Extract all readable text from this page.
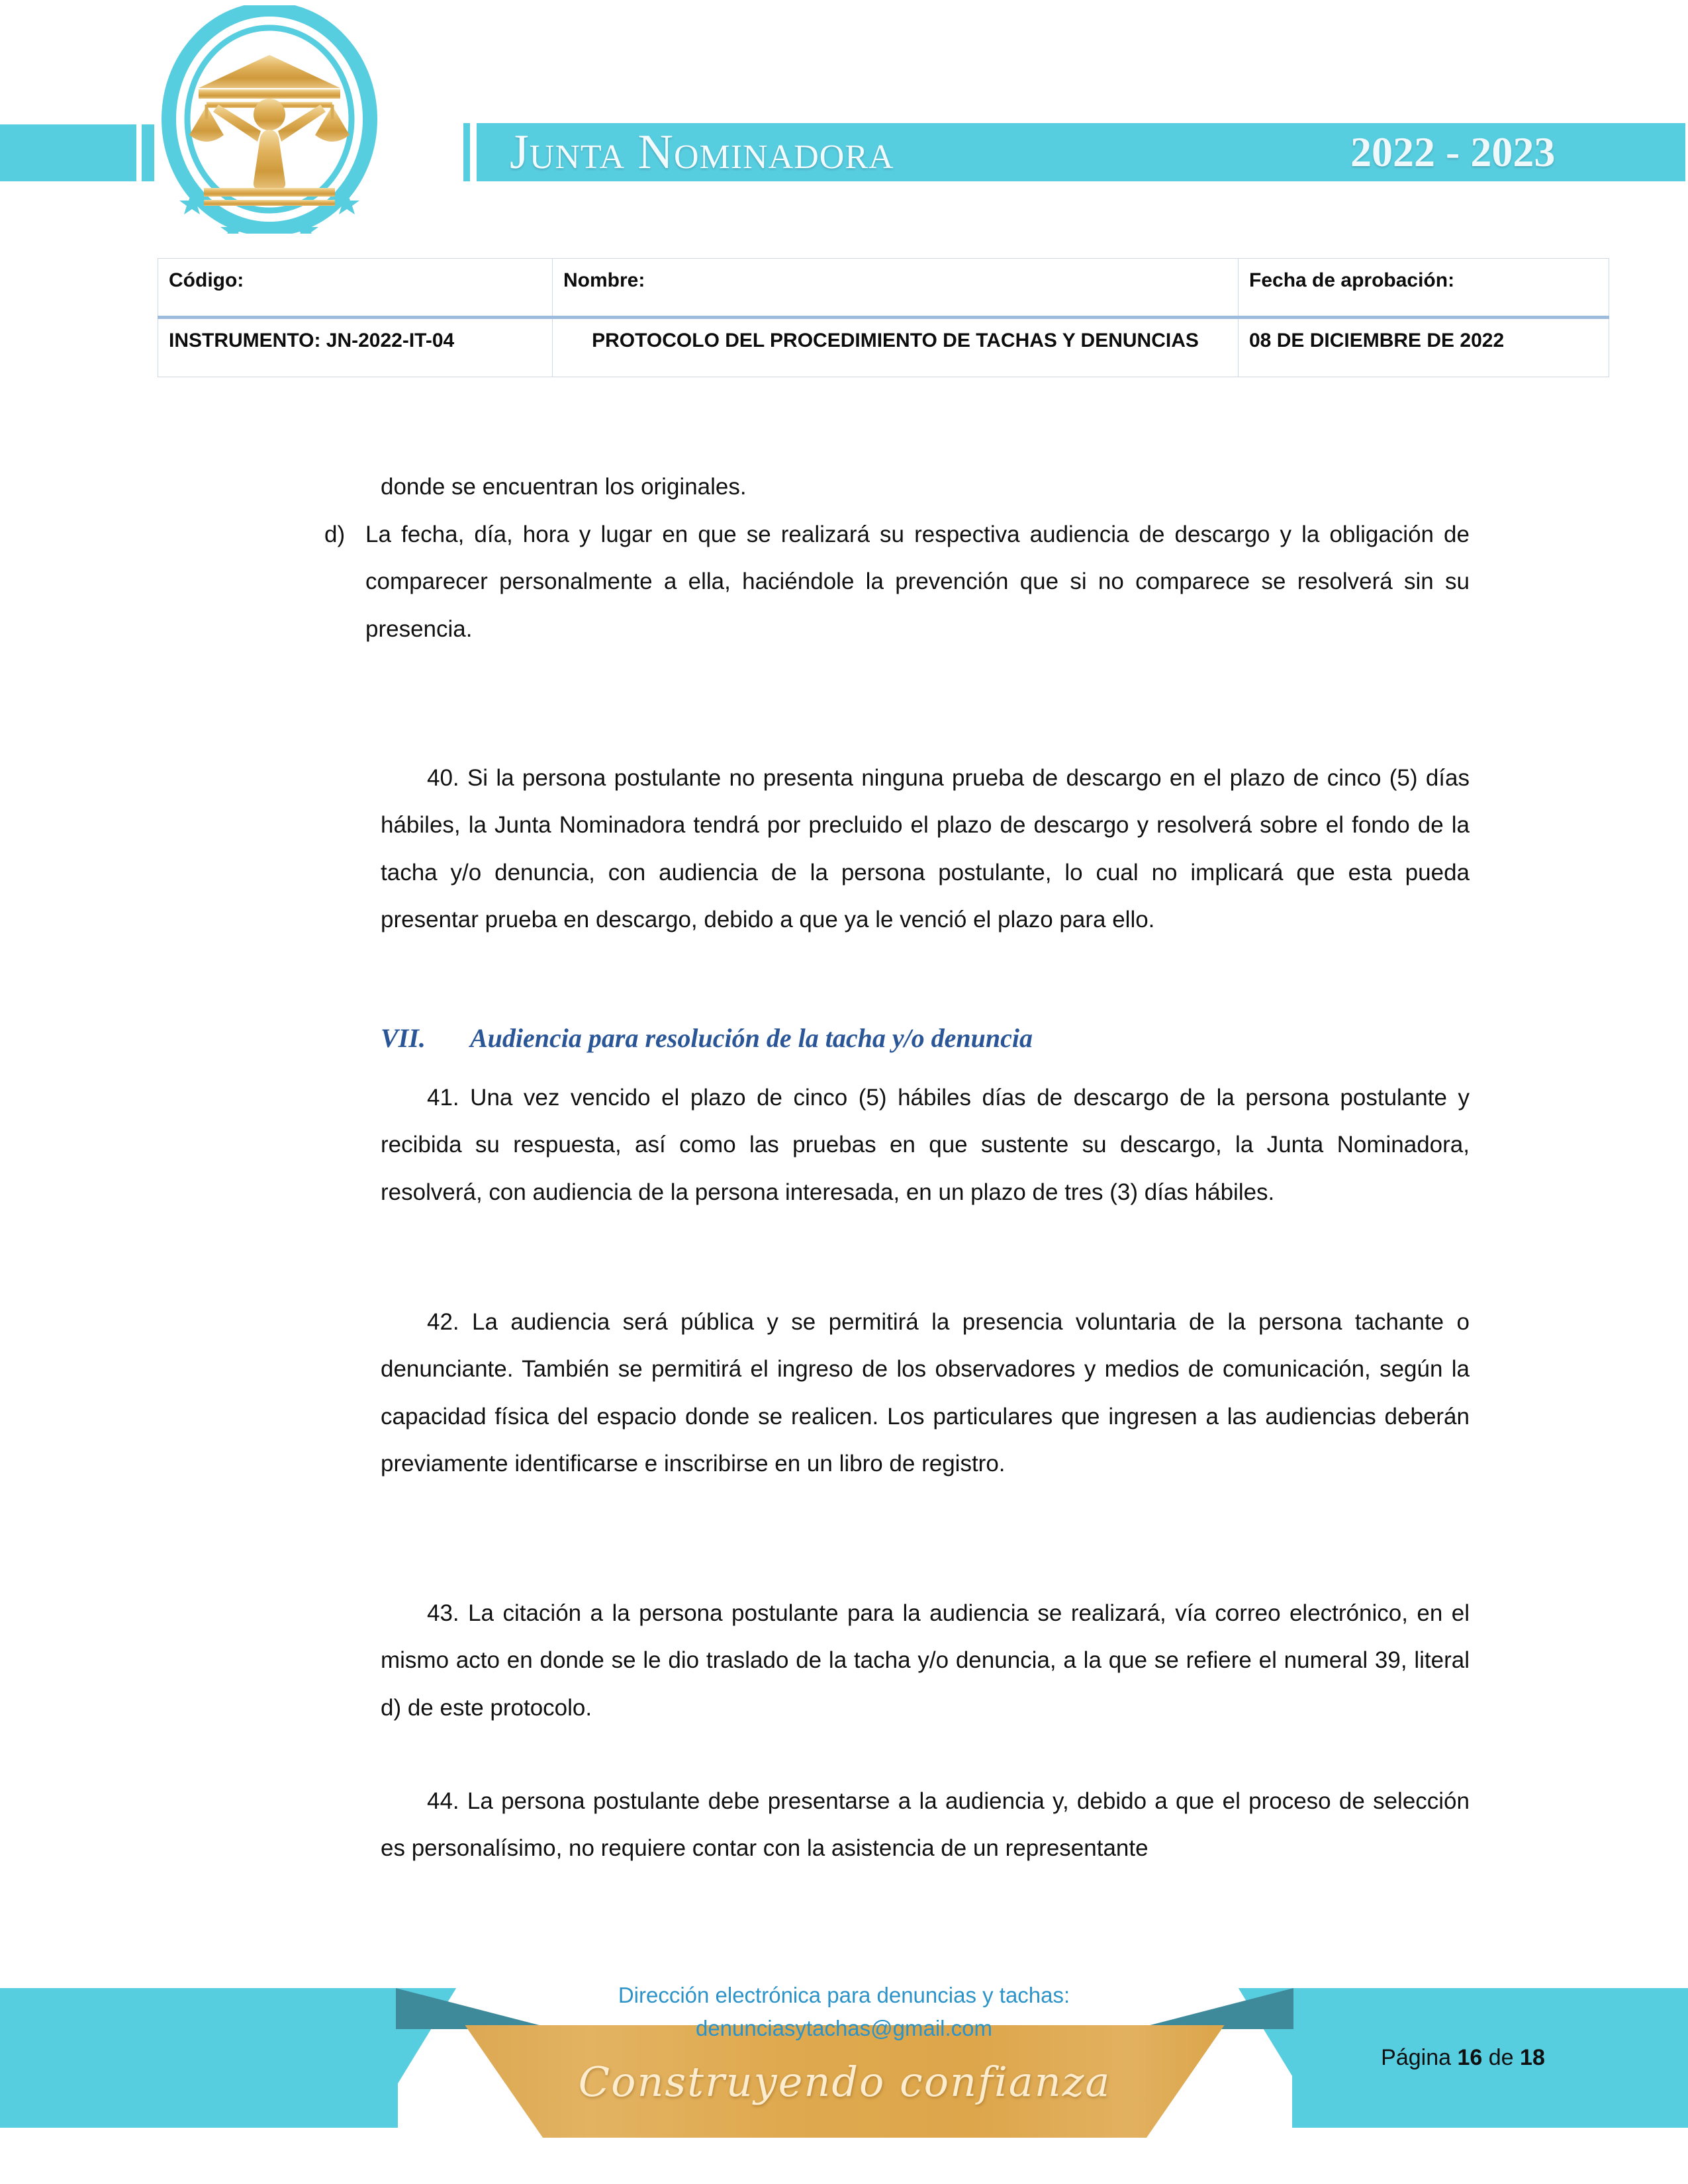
Junta Nominadora	2022 - 2023
Código:	Nombre:	Fecha de aprobación:
INSTRUMENTO: JN-2022-IT-04	PROTOCOLO DEL PROCEDIMIENTO DE TACHAS Y DENUNCIAS	08 DE DICIEMBRE DE 2022
donde se encuentran los originales.
d) La fecha, día, hora y lugar en que se realizará su respectiva audiencia de descargo y la obligación de comparecer personalmente a ella, haciéndole la prevención que si no comparece se resolverá sin su presencia.
40. Si la persona postulante no presenta ninguna prueba de descargo en el plazo de cinco (5) días hábiles, la Junta Nominadora tendrá por precluido el plazo de descargo y resolverá sobre el fondo de la tacha y/o denuncia, con audiencia de la persona postulante, lo cual no implicará que esta pueda presentar prueba en descargo, debido a que ya le venció el plazo para ello.
VII.	Audiencia para resolución de la tacha y/o denuncia
41. Una vez vencido el plazo de cinco (5) hábiles días de descargo de la persona postulante y recibida su respuesta, así como las pruebas en que sustente su descargo, la Junta Nominadora, resolverá, con audiencia de la persona interesada, en un plazo de tres (3) días hábiles.
42. La audiencia será pública y se permitirá la presencia voluntaria de la persona tachante o denunciante. También se permitirá el ingreso de los observadores y medios de comunicación, según la capacidad física del espacio donde se realicen. Los particulares que ingresen a las audiencias deberán previamente identificarse e inscribirse en un libro de registro.
43. La citación a la persona postulante para la audiencia se realizará, vía correo electrónico, en el mismo acto en donde se le dio traslado de la tacha y/o denuncia, a la que se refiere el numeral 39, literal d) de este protocolo.
44. La persona postulante debe presentarse a la audiencia y, debido a que el proceso de selección es personalísimo, no requiere contar con la asistencia de un representante
Construyendo confianza
Dirección electrónica para denuncias y tachas:
denunciasytachas@gmail.com
Página 16 de 18
